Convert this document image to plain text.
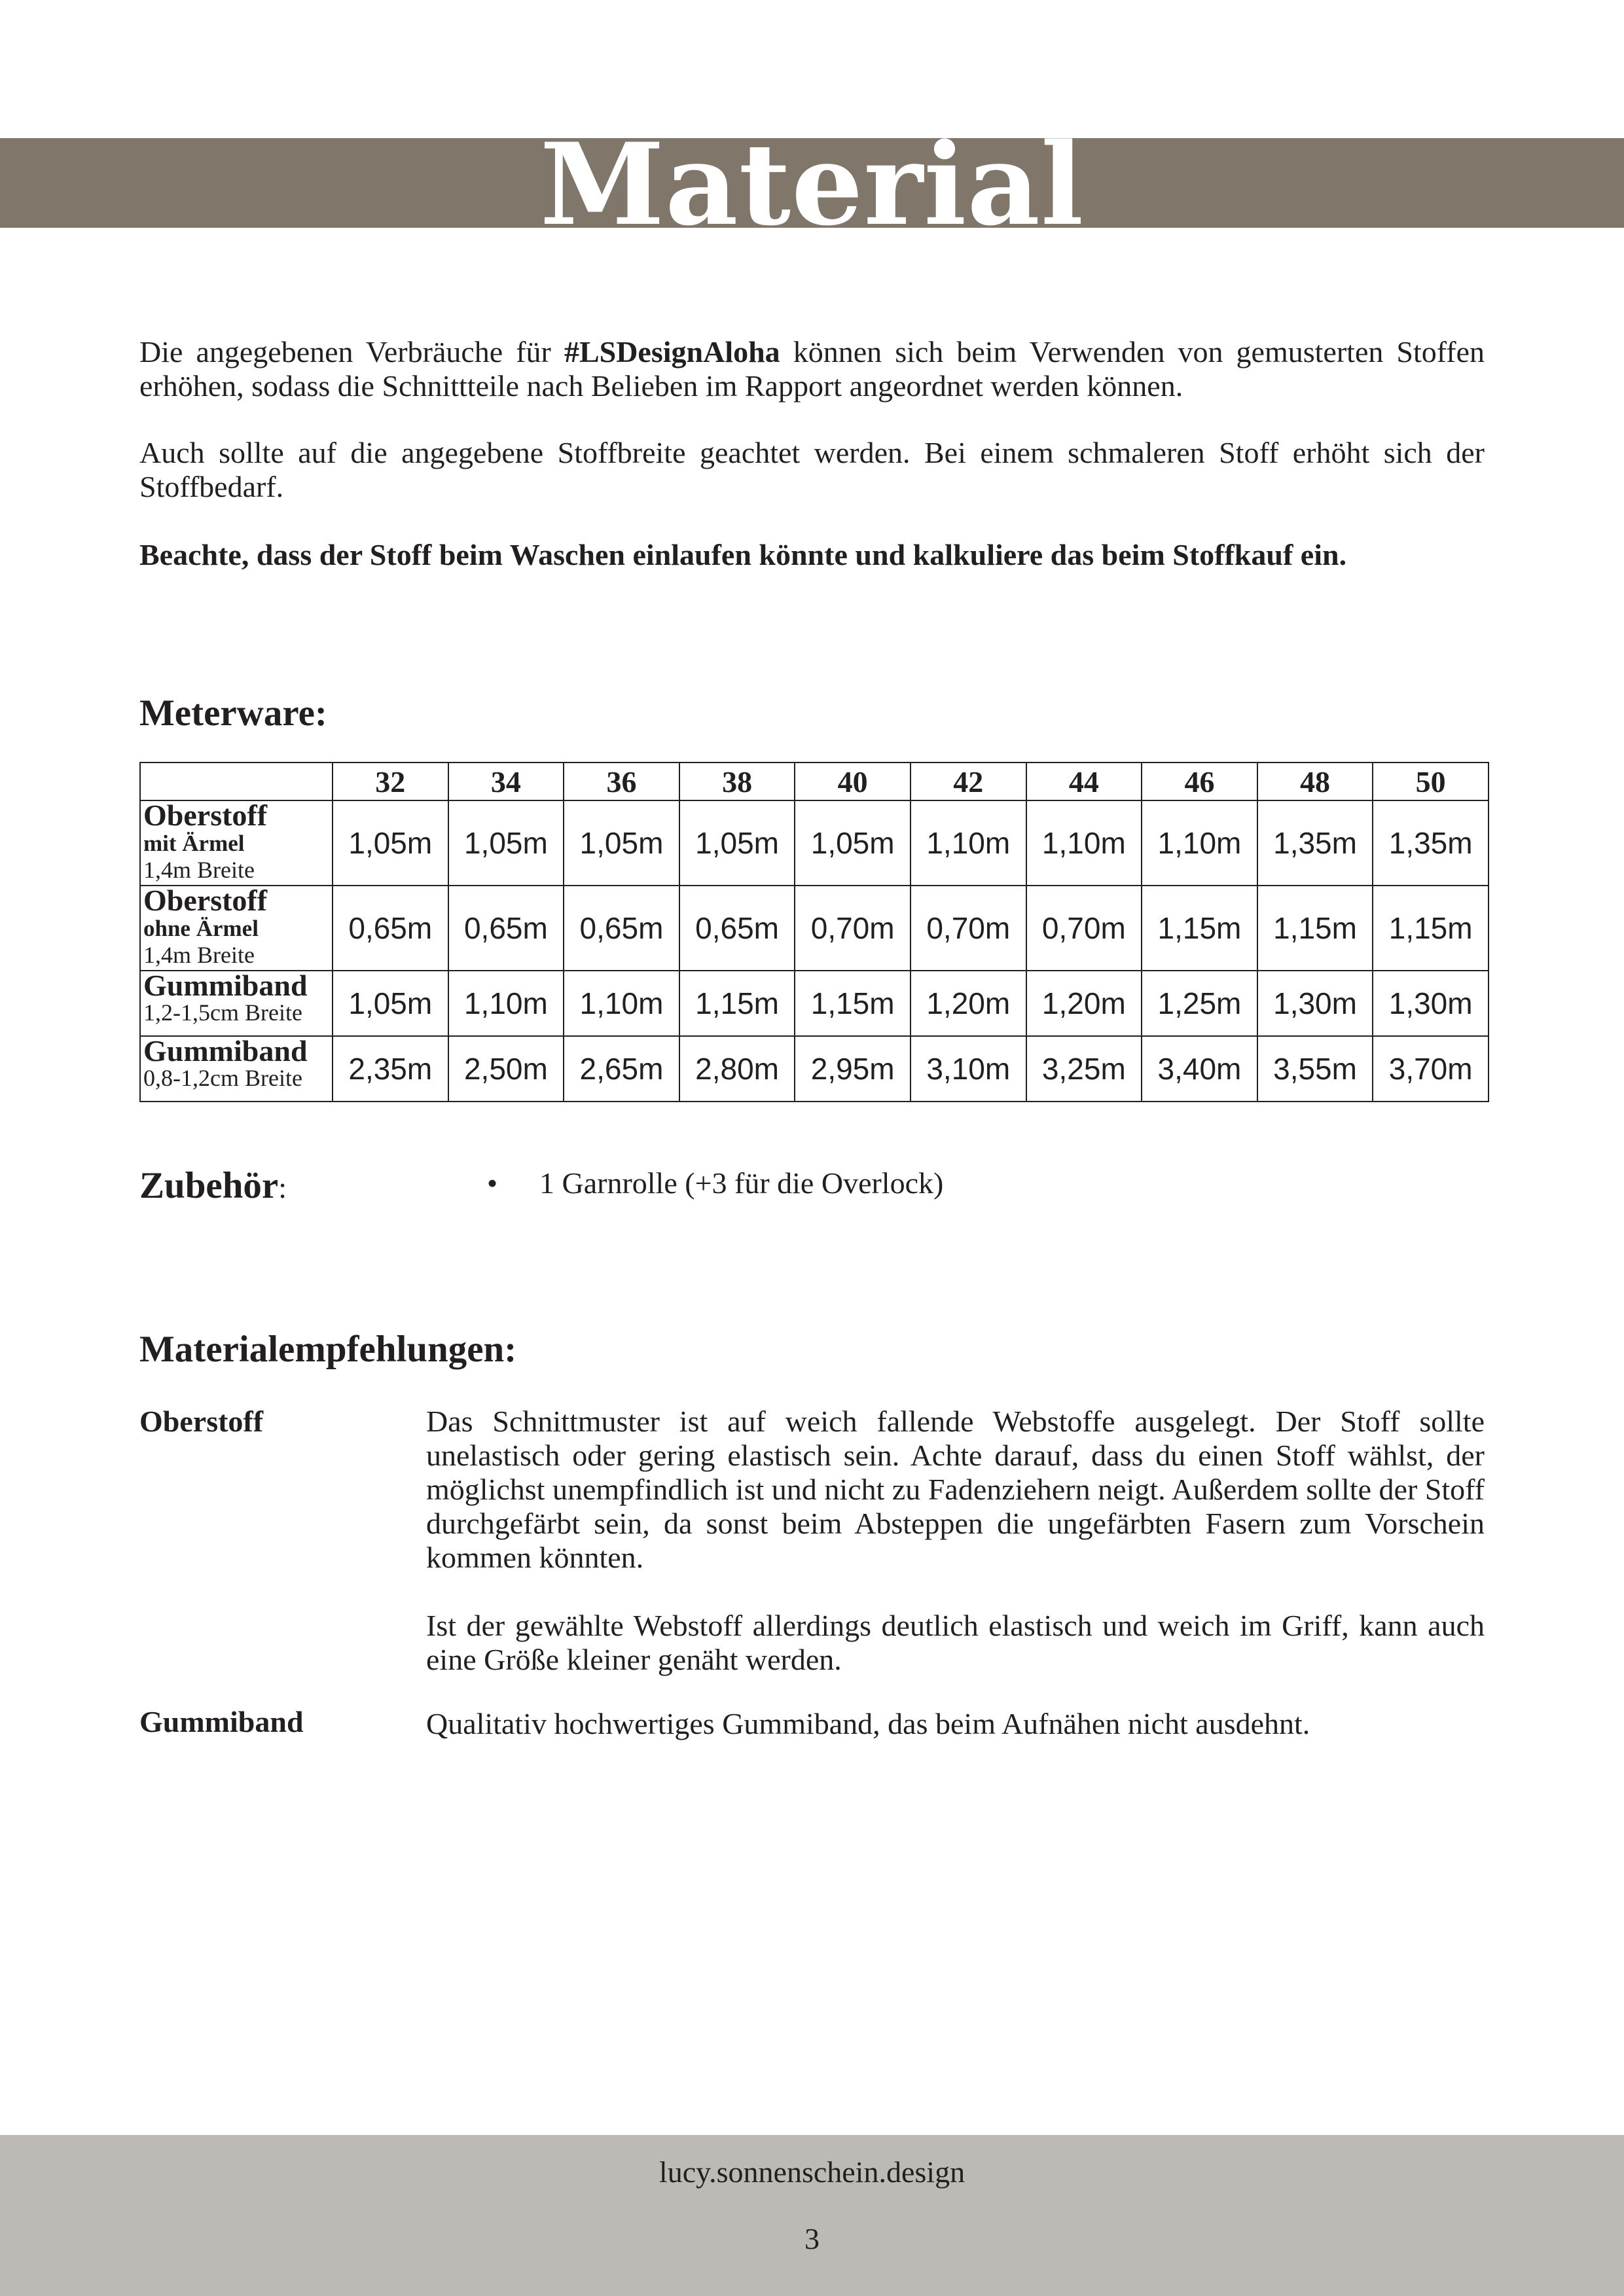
Material

Die angegebenen Verbräuche für #LSDesignAloha können sich beim Verwenden von gemusterten Stoffen erhöhen, sodass die Schnittteile nach Belieben im Rapport angeordnet werden können.

Auch sollte auf die angegebene Stoffbreite geachtet werden. Bei einem schmaleren Stoff erhöht sich der Stoffbedarf.

Beachte, dass der Stoff beim Waschen einlaufen könnte und kalkuliere das beim Stoffkauf ein.

Meterware:
	32	34	36	38	40	42	44	46	48	50

Oberstoff
mit Ärmel
1,4m Breite	1,05m	1,05m	1,05m	1,05m	1,05m	1,10m	1,10m	1,10m	1,35m	1,35m

Oberstoff
ohne Ärmel
1,4m Breite	0,65m	0,65m	0,65m	0,65m	0,70m	0,70m	0,70m	1,15m	1,15m	1,15m

Gummiband
1,2-1,5cm Breite	1,05m	1,10m	1,10m	1,15m	1,15m	1,20m	1,20m	1,25m	1,30m	1,30m

Gummiband
0,8-1,2cm Breite	2,35m	2,50m	2,65m	2,80m	2,95m	3,10m	3,25m	3,40m	3,55m	3,70m
Zubehör:	• 1 Garnrolle (+3 für die Overlock)
Materialempfehlungen:
Oberstoff	Das Schnittmuster ist auf weich fallende Webstoffe ausgelegt. Der Stoff sollte unelastisch oder gering elastisch sein. Achte darauf, dass du einen Stoff wählst, der möglichst unempfindlich ist und nicht zu Fadenziehern neigt. Außerdem sollte der Stoff durchgefärbt sein, da sonst beim Absteppen die ungefärbten Fasern zum Vorschein kommen könnten.

Ist der gewählte Webstoff allerdings deutlich elastisch und weich im Griff, kann auch eine Größe kleiner genäht werden.

Gummiband	Qualitativ hochwertiges Gummiband, das beim Aufnähen nicht ausdehnt.

lucy.sonnenschein.design
3
